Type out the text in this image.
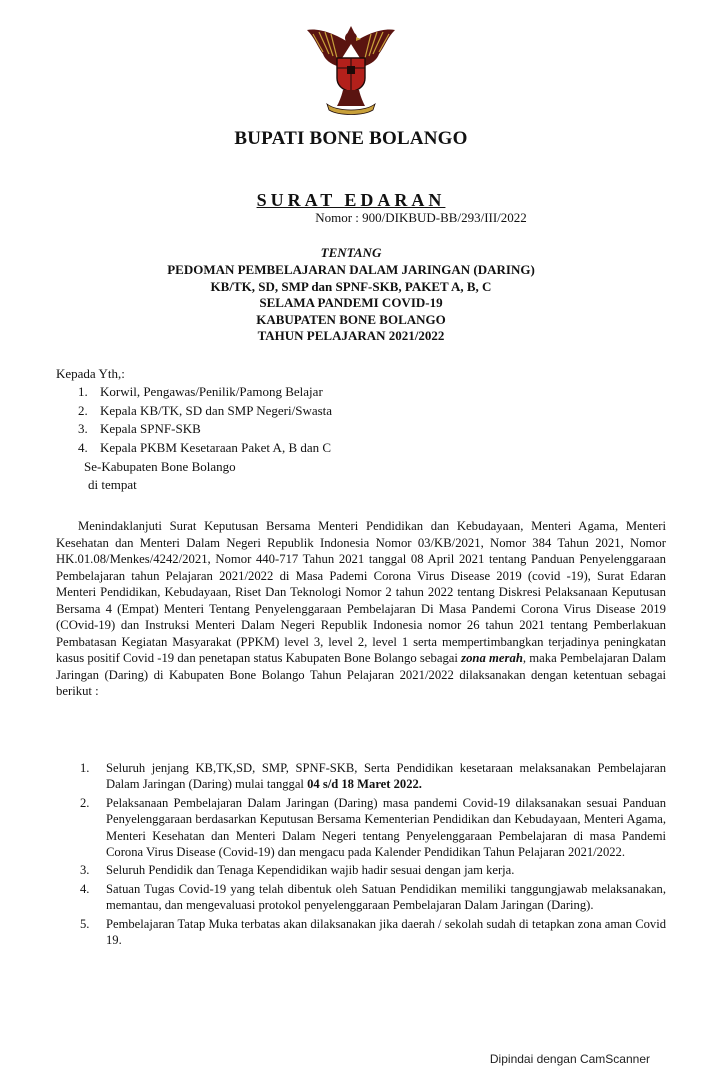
BUPATI BONE BOLANGO
SURAT EDARAN
Nomor : 900/DIKBUD-BB/293/III/2022
TENTANG
PEDOMAN PEMBELAJARAN DALAM JARINGAN (DARING)
KB/TK, SD, SMP dan SPNF-SKB, PAKET A, B, C
SELAMA PANDEMI COVID-19
KABUPATEN BONE BOLANGO
TAHUN PELAJARAN 2021/2022
Kepada Yth,:
1. Korwil, Pengawas/Penilik/Pamong Belajar
2. Kepala KB/TK, SD dan SMP Negeri/Swasta
3. Kepala SPNF-SKB
4. Kepala PKBM Kesetaraan Paket A, B dan C
Se-Kabupaten Bone Bolango
di tempat

Menindaklanjuti Surat Keputusan Bersama Menteri Pendidikan dan Kebudayaan, Menteri Agama, Menteri Kesehatan dan Menteri Dalam Negeri Republik Indonesia Nomor 03/KB/2021, Nomor 384 Tahun 2021, Nomor HK.01.08/Menkes/4242/2021, Nomor 440-717 Tahun 2021 tanggal 08 April 2021 tentang Panduan Penyelenggaraan Pembelajaran tahun Pelajaran 2021/2022 di Masa Pademi Corona Virus Disease 2019 (covid -19), Surat Edaran Menteri Pendidikan, Kebudayaan, Riset Dan Teknologi Nomor 2 tahun 2022 tentang Diskresi Pelaksanaan Keputusan Bersama 4 (Empat) Menteri Tentang Penyelenggaraan Pembelajaran Di Masa Pandemi Corona Virus Disease 2019 (COvid-19) dan Instruksi Menteri Dalam Negeri Republik Indonesia nomor 26 tahun 2021 tentang Pemberlakuan Pembatasan Kegiatan Masyarakat (PPKM) level 3, level 2, level 1 serta mempertimbangkan terjadinya peningkatan kasus positif Covid -19 dan penetapan status Kabupaten Bone Bolango sebagai zona merah, maka Pembelajaran Dalam Jaringan (Daring) di Kabupaten Bone Bolango Tahun Pelajaran 2021/2022 dilaksanakan dengan ketentuan sebagai berikut :

1.	Seluruh jenjang KB,TK,SD, SMP, SPNF-SKB, Serta Pendidikan kesetaraan melaksanakan Pembelajaran Dalam Jaringan (Daring) mulai tanggal 04 s/d 18 Maret 2022.
2.	Pelaksanaan Pembelajaran Dalam Jaringan (Daring) masa pandemi Covid-19 dilaksanakan sesuai Panduan Penyelenggaraan berdasarkan Keputusan Bersama Kementerian Pendidikan dan Kebudayaan, Menteri Agama, Menteri Kesehatan dan Menteri Dalam Negeri tentang Penyelenggaraan Pembelajaran di masa Pandemi Corona Virus Disease (Covid-19) dan mengacu pada Kalender Pendidikan Tahun Pelajaran 2021/2022.
3.	Seluruh Pendidik dan Tenaga Kependidikan wajib hadir sesuai dengan jam kerja.
4.	Satuan Tugas Covid-19 yang telah dibentuk oleh Satuan Pendidikan memiliki tanggungjawab melaksanakan, memantau, dan mengevaluasi protokol penyelenggaraan Pembelajaran Dalam Jaringan (Daring).
5.	Pembelajaran Tatap Muka terbatas akan dilaksanakan jika daerah / sekolah sudah di tetapkan zona aman Covid 19.
Dipindai dengan CamScanner
